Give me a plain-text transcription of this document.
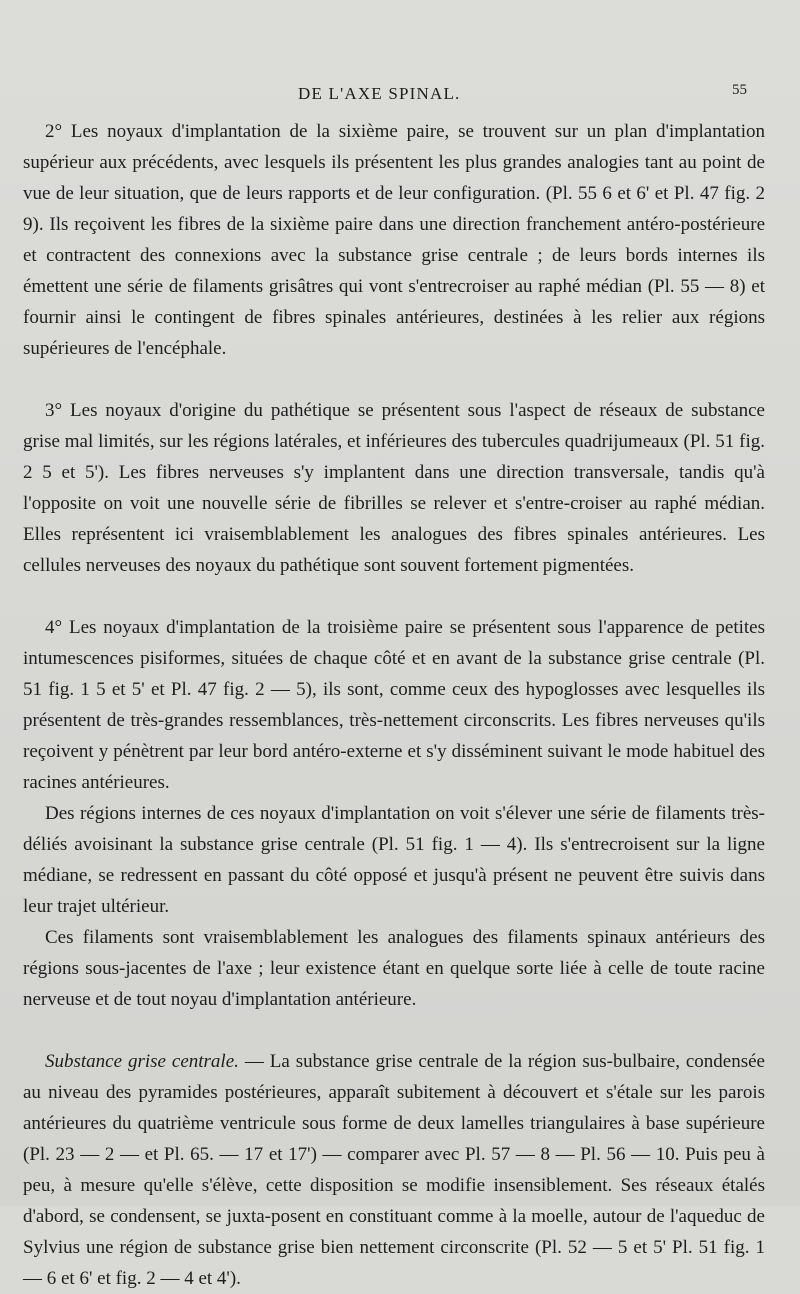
DE L'AXE SPINAL.	55

2° Les noyaux d'implantation de la sixième paire, se trouvent sur un plan d'implantation supérieur aux précédents, avec lesquels ils présentent les plus grandes analogies tant au point de vue de leur situation, que de leurs rapports et de leur configuration. (Pl. 55 6 et 6' et Pl. 47 fig. 2 9). Ils reçoivent les fibres de la sixième paire dans une direction franchement antéro-postérieure et contractent des connexions avec la substance grise centrale ; de leurs bords internes ils émettent une série de filaments grisâtres qui vont s'entrecroiser au raphé médian (Pl. 55 — 8) et fournir ainsi le contingent de fibres spinales antérieures, destinées à les relier aux régions supérieures de l'encéphale.

3° Les noyaux d'origine du pathétique se présentent sous l'aspect de réseaux de substance grise mal limités, sur les régions latérales, et inférieures des tubercules quadrijumeaux (Pl. 51 fig. 2 5 et 5'). Les fibres nerveuses s'y implantent dans une direction transversale, tandis qu'à l'opposite on voit une nouvelle série de fibrilles se relever et s'entre-croiser au raphé médian. Elles représentent ici vraisemblablement les analogues des fibres spinales antérieures. Les cellules nerveuses des noyaux du pathétique sont souvent fortement pigmentées.

4° Les noyaux d'implantation de la troisième paire se présentent sous l'apparence de petites intumescences pisiformes, situées de chaque côté et en avant de la substance grise centrale (Pl. 51 fig. 1 5 et 5' et Pl. 47 fig. 2 — 5), ils sont, comme ceux des hypoglosses avec lesquelles ils présentent de très-grandes ressemblances, très-nettement circonscrits. Les fibres nerveuses qu'ils reçoivent y pénètrent par leur bord antéro-externe et s'y disséminent suivant le mode habituel des racines antérieures.

Des régions internes de ces noyaux d'implantation on voit s'élever une série de filaments très-déliés avoisinant la substance grise centrale (Pl. 51 fig. 1 — 4). Ils s'entrecroisent sur la ligne médiane, se redressent en passant du côté opposé et jusqu'à présent ne peuvent être suivis dans leur trajet ultérieur.

Ces filaments sont vraisemblablement les analogues des filaments spinaux antérieurs des régions sous-jacentes de l'axe ; leur existence étant en quelque sorte liée à celle de toute racine nerveuse et de tout noyau d'implantation antérieure.

Substance grise centrale. — La substance grise centrale de la région sus-bulbaire, condensée au niveau des pyramides postérieures, apparaît subitement à découvert et s'étale sur les parois antérieures du quatrième ventricule sous forme de deux lamelles triangulaires à base supérieure (Pl. 23 — 2 — et Pl. 65. — 17 et 17') — comparer avec Pl. 57 — 8 — Pl. 56 — 10. Puis peu à peu, à mesure qu'elle s'élève, cette disposition se modifie insensiblement. Ses réseaux étalés d'abord, se condensent, se juxta-posent en constituant comme à la moelle, autour de l'aqueduc de Sylvius une région de substance grise bien nettement circonscrite (Pl. 52 — 5 et 5' Pl. 51 fig. 1 — 6 et 6' et fig. 2 — 4 et 4').
